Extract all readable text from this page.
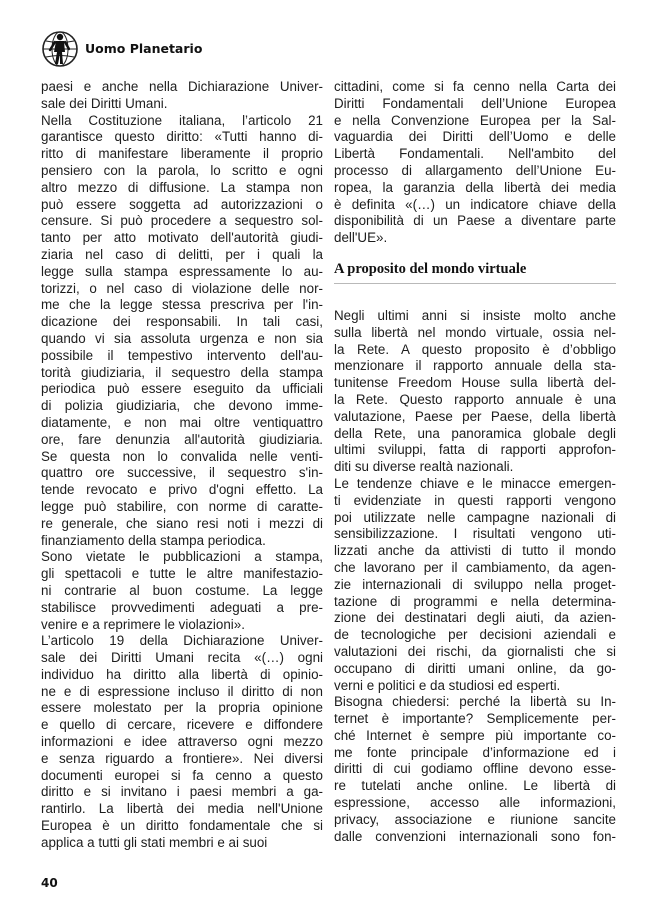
Uomo Planetario
paesi e anche nella Dichiarazione Univer-
sale dei Diritti Umani.
Nella Costituzione italiana, l’articolo 21
garantisce questo diritto: «Tutti hanno di-
ritto di manifestare liberamente il proprio
pensiero con la parola, lo scritto e ogni
altro mezzo di diffusione. La stampa non
può essere soggetta ad autorizzazioni o
censure. Si può procedere a sequestro sol-
tanto per atto motivato dell'autorità giudi-
ziaria nel caso di delitti, per i quali la
legge sulla stampa espressamente lo au-
torizzi, o nel caso di violazione delle nor-
me che la legge stessa prescriva per l'in-
dicazione dei responsabili. In tali casi,
quando vi sia assoluta urgenza e non sia
possibile il tempestivo intervento dell'au-
torità giudiziaria, il sequestro della stampa
periodica può essere eseguito da ufficiali
di polizia giudiziaria, che devono imme-
diatamente, e non mai oltre ventiquattro
ore, fare denunzia all'autorità giudiziaria.
Se questa non lo convalida nelle venti-
quattro ore successive, il sequestro s'in-
tende revocato e privo d'ogni effetto. La
legge può stabilire, con norme di caratte-
re generale, che siano resi noti i mezzi di
finanziamento della stampa periodica.
Sono vietate le pubblicazioni a stampa,
gli spettacoli e tutte le altre manifestazio-
ni contrarie al buon costume. La legge
stabilisce provvedimenti adeguati a pre-
venire e a reprimere le violazioni».
L’articolo 19 della Dichiarazione Univer-
sale dei Diritti Umani recita «(…) ogni
individuo ha diritto alla libertà di opinio-
ne e di espressione incluso il diritto di non
essere molestato per la propria opinione
e quello di cercare, ricevere e diffondere
informazioni e idee attraverso ogni mezzo
e senza riguardo a frontiere». Nei diversi
documenti europei si fa cenno a questo
diritto e si invitano i paesi membri a ga-
rantirlo. La libertà dei media nell'Unione
Europea è un diritto fondamentale che si
applica a tutti gli stati membri e ai suoi
cittadini, come si fa cenno nella Carta dei
Diritti Fondamentali dell’Unione Europea
e nella Convenzione Europea per la Sal-
vaguardia dei Diritti dell’Uomo e delle
Libertà Fondamentali. Nell'ambito del
processo di allargamento dell’Unione Eu-
ropea, la garanzia della libertà dei media
è definita «(…) un indicatore chiave della
disponibilità di un Paese a diventare parte
dell'UE».
A proposito del mondo virtuale
Negli ultimi anni si insiste molto anche
sulla libertà nel mondo virtuale, ossia nel-
la Rete. A questo proposito è d’obbligo
menzionare il rapporto annuale della sta-
tunitense Freedom House sulla libertà del-
la Rete. Questo rapporto annuale è una
valutazione, Paese per Paese, della libertà
della Rete, una panoramica globale degli
ultimi sviluppi, fatta di rapporti approfon-
diti su diverse realtà nazionali.
Le tendenze chiave e le minacce emergen-
ti evidenziate in questi rapporti vengono
poi utilizzate nelle campagne nazionali di
sensibilizzazione. I risultati vengono uti-
lizzati anche da attivisti di tutto il mondo
che lavorano per il cambiamento, da agen-
zie internazionali di sviluppo nella proget-
tazione di programmi e nella determina-
zione dei destinatari degli aiuti, da azien-
de tecnologiche per decisioni aziendali e
valutazioni dei rischi, da giornalisti che si
occupano di diritti umani online, da go-
verni e politici e da studiosi ed esperti.
Bisogna chiedersi: perché la libertà su In-
ternet è importante? Semplicemente per-
ché Internet è sempre più importante co-
me fonte principale d’informazione ed i
diritti di cui godiamo offline devono esse-
re tutelati anche online. Le libertà di
espressione, accesso alle informazioni,
privacy, associazione e riunione sancite
dalle convenzioni internazionali sono fon-
40
